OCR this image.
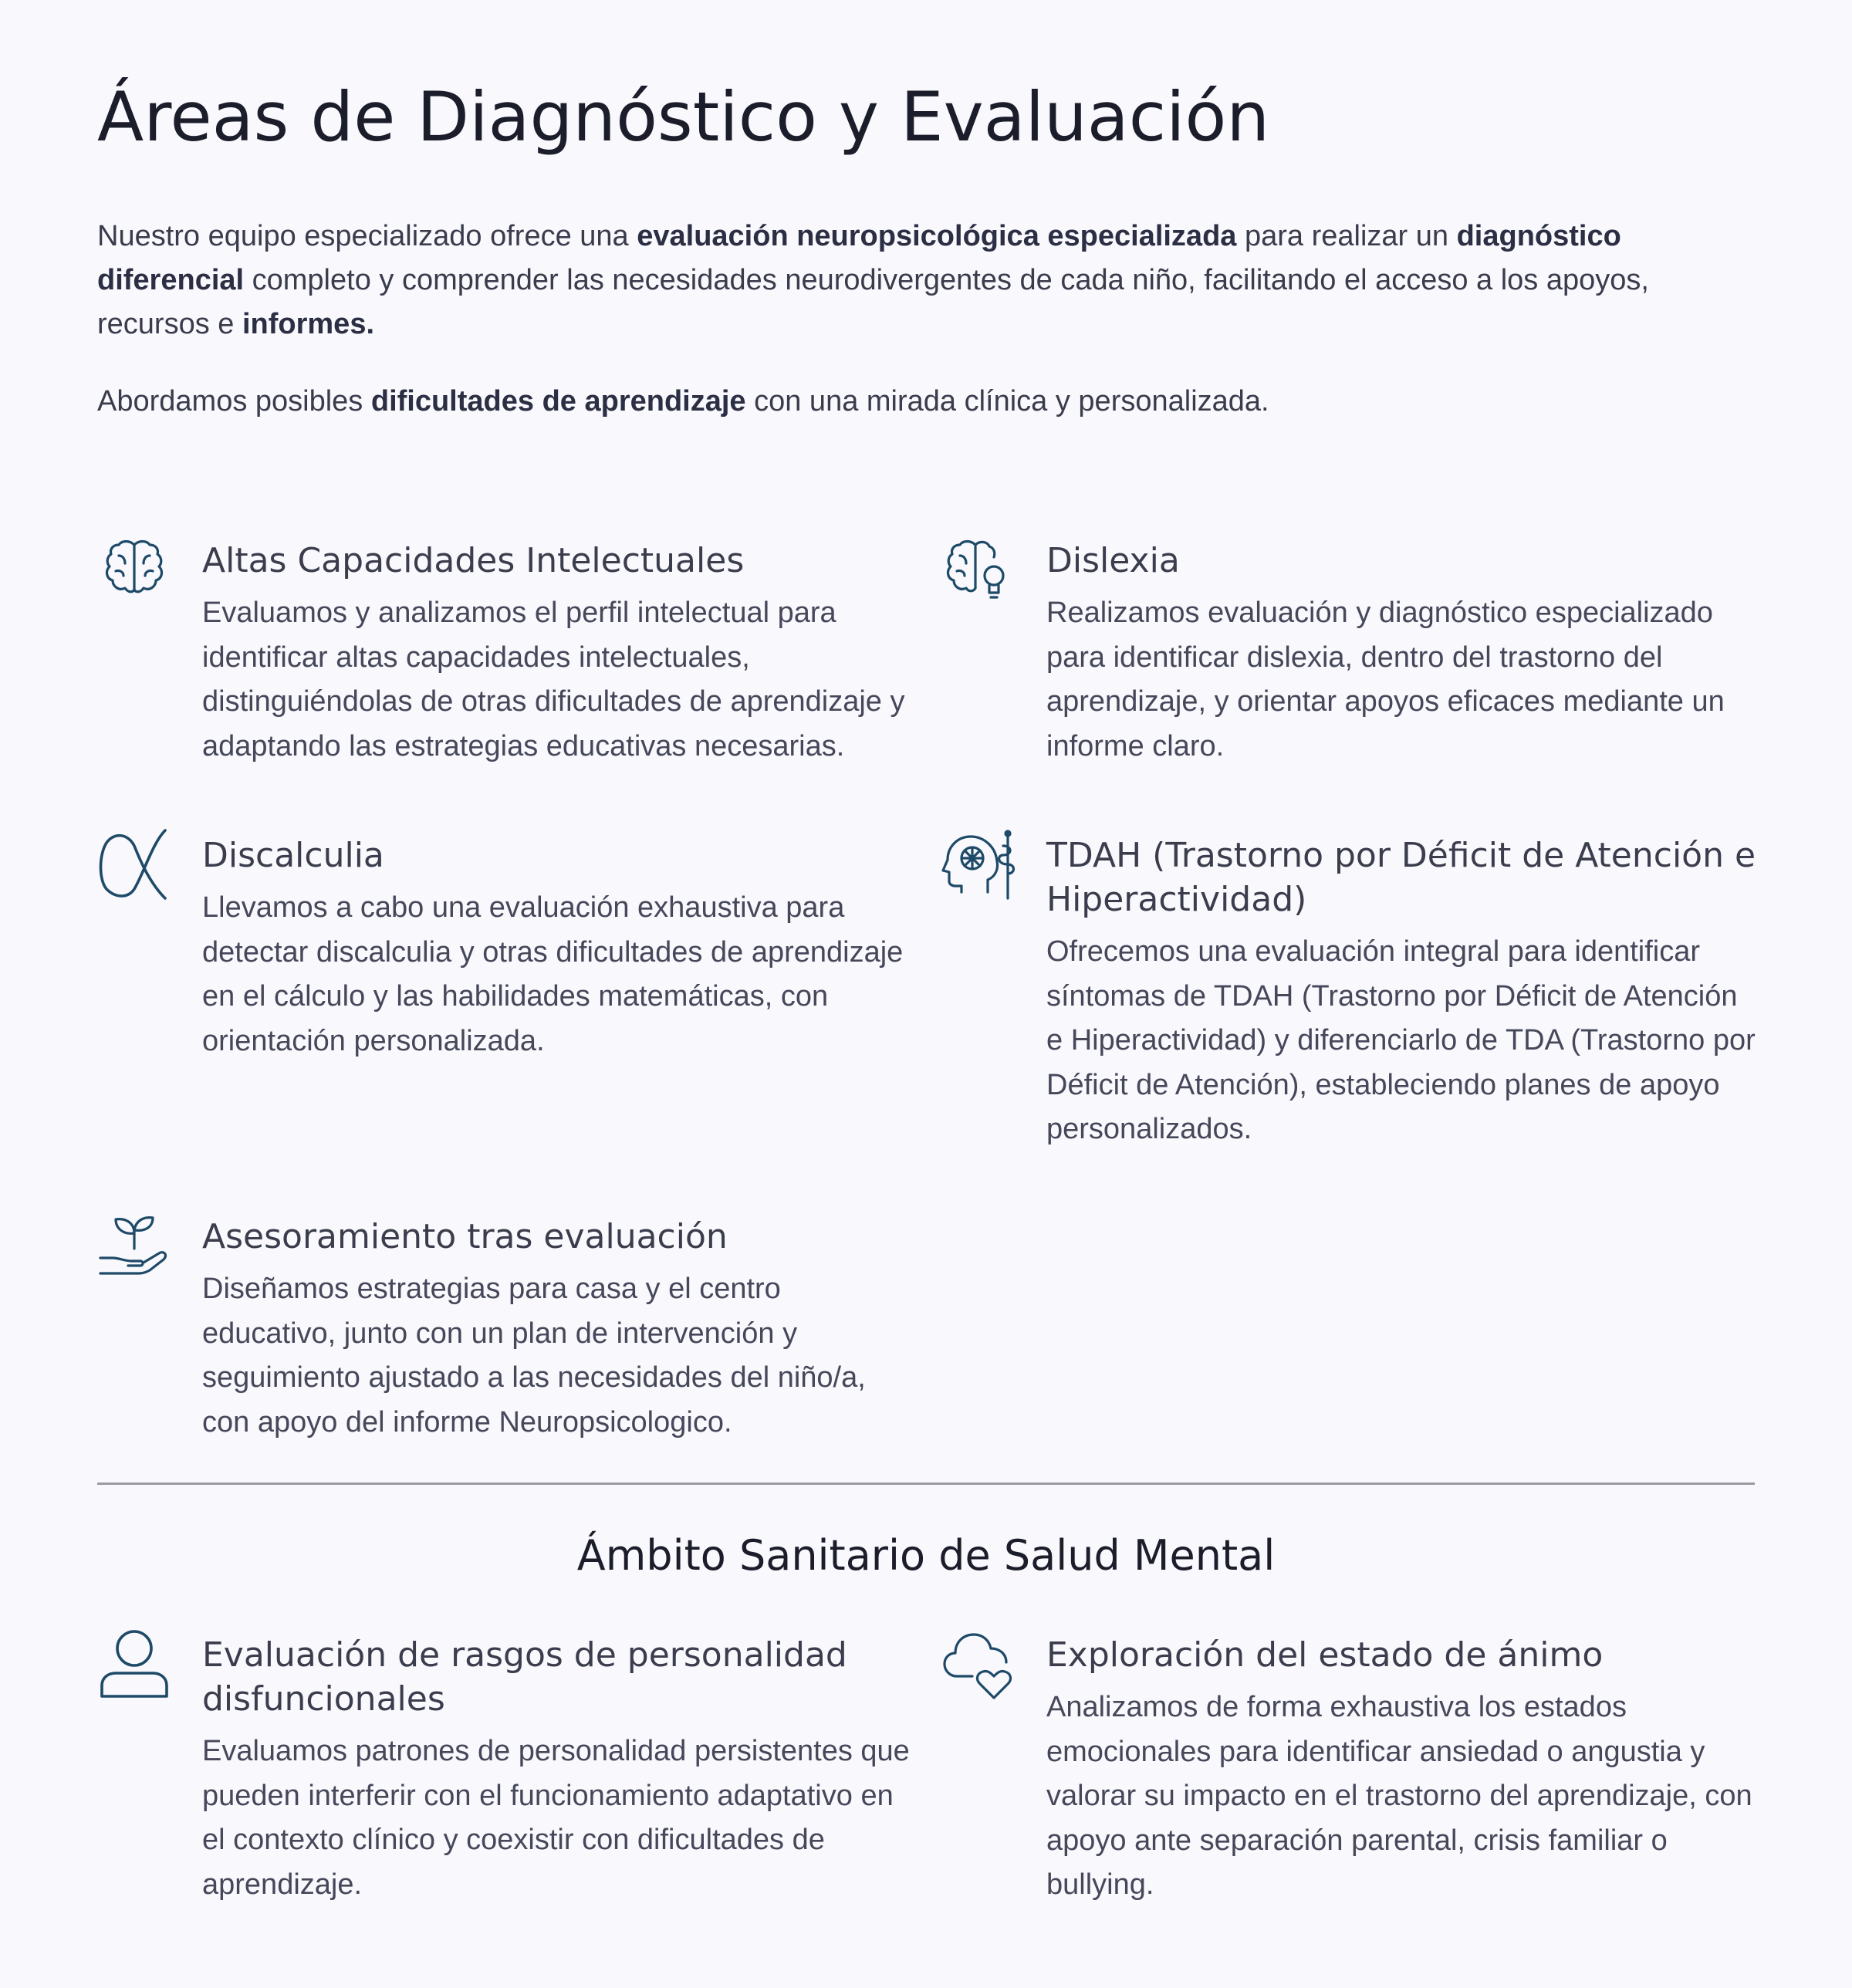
Áreas de Diagnóstico y Evaluación

Nuestro equipo especializado ofrece una evaluación neuropsicológica especializada para realizar un diagnóstico diferencial completo y comprender las necesidades neurodivergentes de cada niño, facilitando el acceso a los apoyos, recursos e informes.

Abordamos posibles dificultades de aprendizaje con una mirada clínica y personalizada.

Altas Capacidades Intelectuales
Evaluamos y analizamos el perfil intelectual para identificar altas capacidades intelectuales, distinguiéndolas de otras dificultades de aprendizaje y adaptando las estrategias educativas necesarias.
Dislexia
Realizamos evaluación y diagnóstico especializado para identificar dislexia, dentro del trastorno del aprendizaje, y orientar apoyos eficaces mediante un informe claro.
Discalculia
Llevamos a cabo una evaluación exhaustiva para detectar discalculia y otras dificultades de aprendizaje en el cálculo y las habilidades matemáticas, con orientación personalizada.
TDAH (Trastorno por Déficit de Atención e Hiperactividad)
Ofrecemos una evaluación integral para identificar síntomas de TDAH (Trastorno por Déficit de Atención e Hiperactividad) y diferenciarlo de TDA (Trastorno por Déficit de Atención), estableciendo planes de apoyo personalizados.
Asesoramiento tras evaluación
Diseñamos estrategias para casa y el centro educativo, junto con un plan de intervención y seguimiento ajustado a las necesidades del niño/a, con apoyo del informe Neuropsicologico.
Ámbito Sanitario de Salud Mental
Evaluación de rasgos de personalidad disfuncionales
Evaluamos patrones de personalidad persistentes que pueden interferir con el funcionamiento adaptativo en el contexto clínico y coexistir con dificultades de aprendizaje.
Exploración del estado de ánimo
Analizamos de forma exhaustiva los estados emocionales para identificar ansiedad o angustia y valorar su impacto en el trastorno del aprendizaje, con apoyo ante separación parental, crisis familiar o bullying.
